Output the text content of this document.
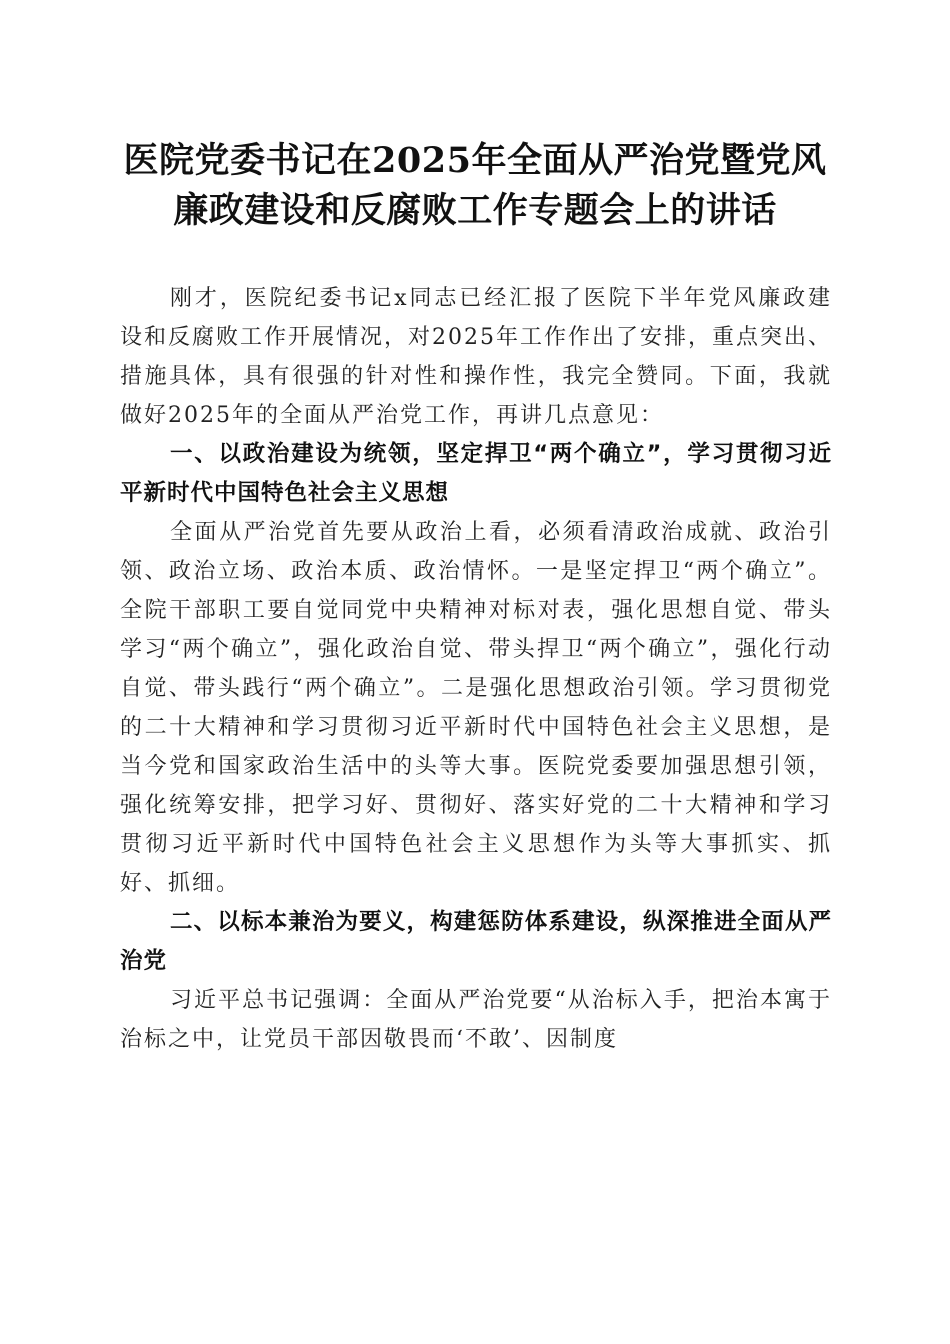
医院党委书记在2025年全面从严治党暨党风
廉政建设和反腐败工作专题会上的讲话

刚才，医院纪委书记x同志已经汇报了医院下半年党风廉政建设和反腐败工作开展情况，对2025年工作作出了安排，重点突出、措施具体，具有很强的针对性和操作性，我完全赞同。下面，我就做好2025年的全面从严治党工作，再讲几点意见：

一、以政治建设为统领，坚定捍卫“两个确立”，学习贯彻习近平新时代中国特色社会主义思想

全面从严治党首先要从政治上看，必须看清政治成就、政治引领、政治立场、政治本质、政治情怀。一是坚定捍卫“两个确立”。全院干部职工要自觉同党中央精神对标对表，强化思想自觉、带头学习“两个确立”，强化政治自觉、带头捍卫“两个确立”，强化行动自觉、带头践行“两个确立”。二是强化思想政治引领。学习贯彻党的二十大精神和学习贯彻习近平新时代中国特色社会主义思想，是当今党和国家政治生活中的头等大事。医院党委要加强思想引领，强化统筹安排，把学习好、贯彻好、落实好党的二十大精神和学习贯彻习近平新时代中国特色社会主义思想作为头等大事抓实、抓好、抓细。

二、以标本兼治为要义，构建惩防体系建设，纵深推进全面从严治党

习近平总书记强调：全面从严治党要“从治标入手，把治本寓于治标之中，让党员干部因敬畏而‘不敢’、因制度
